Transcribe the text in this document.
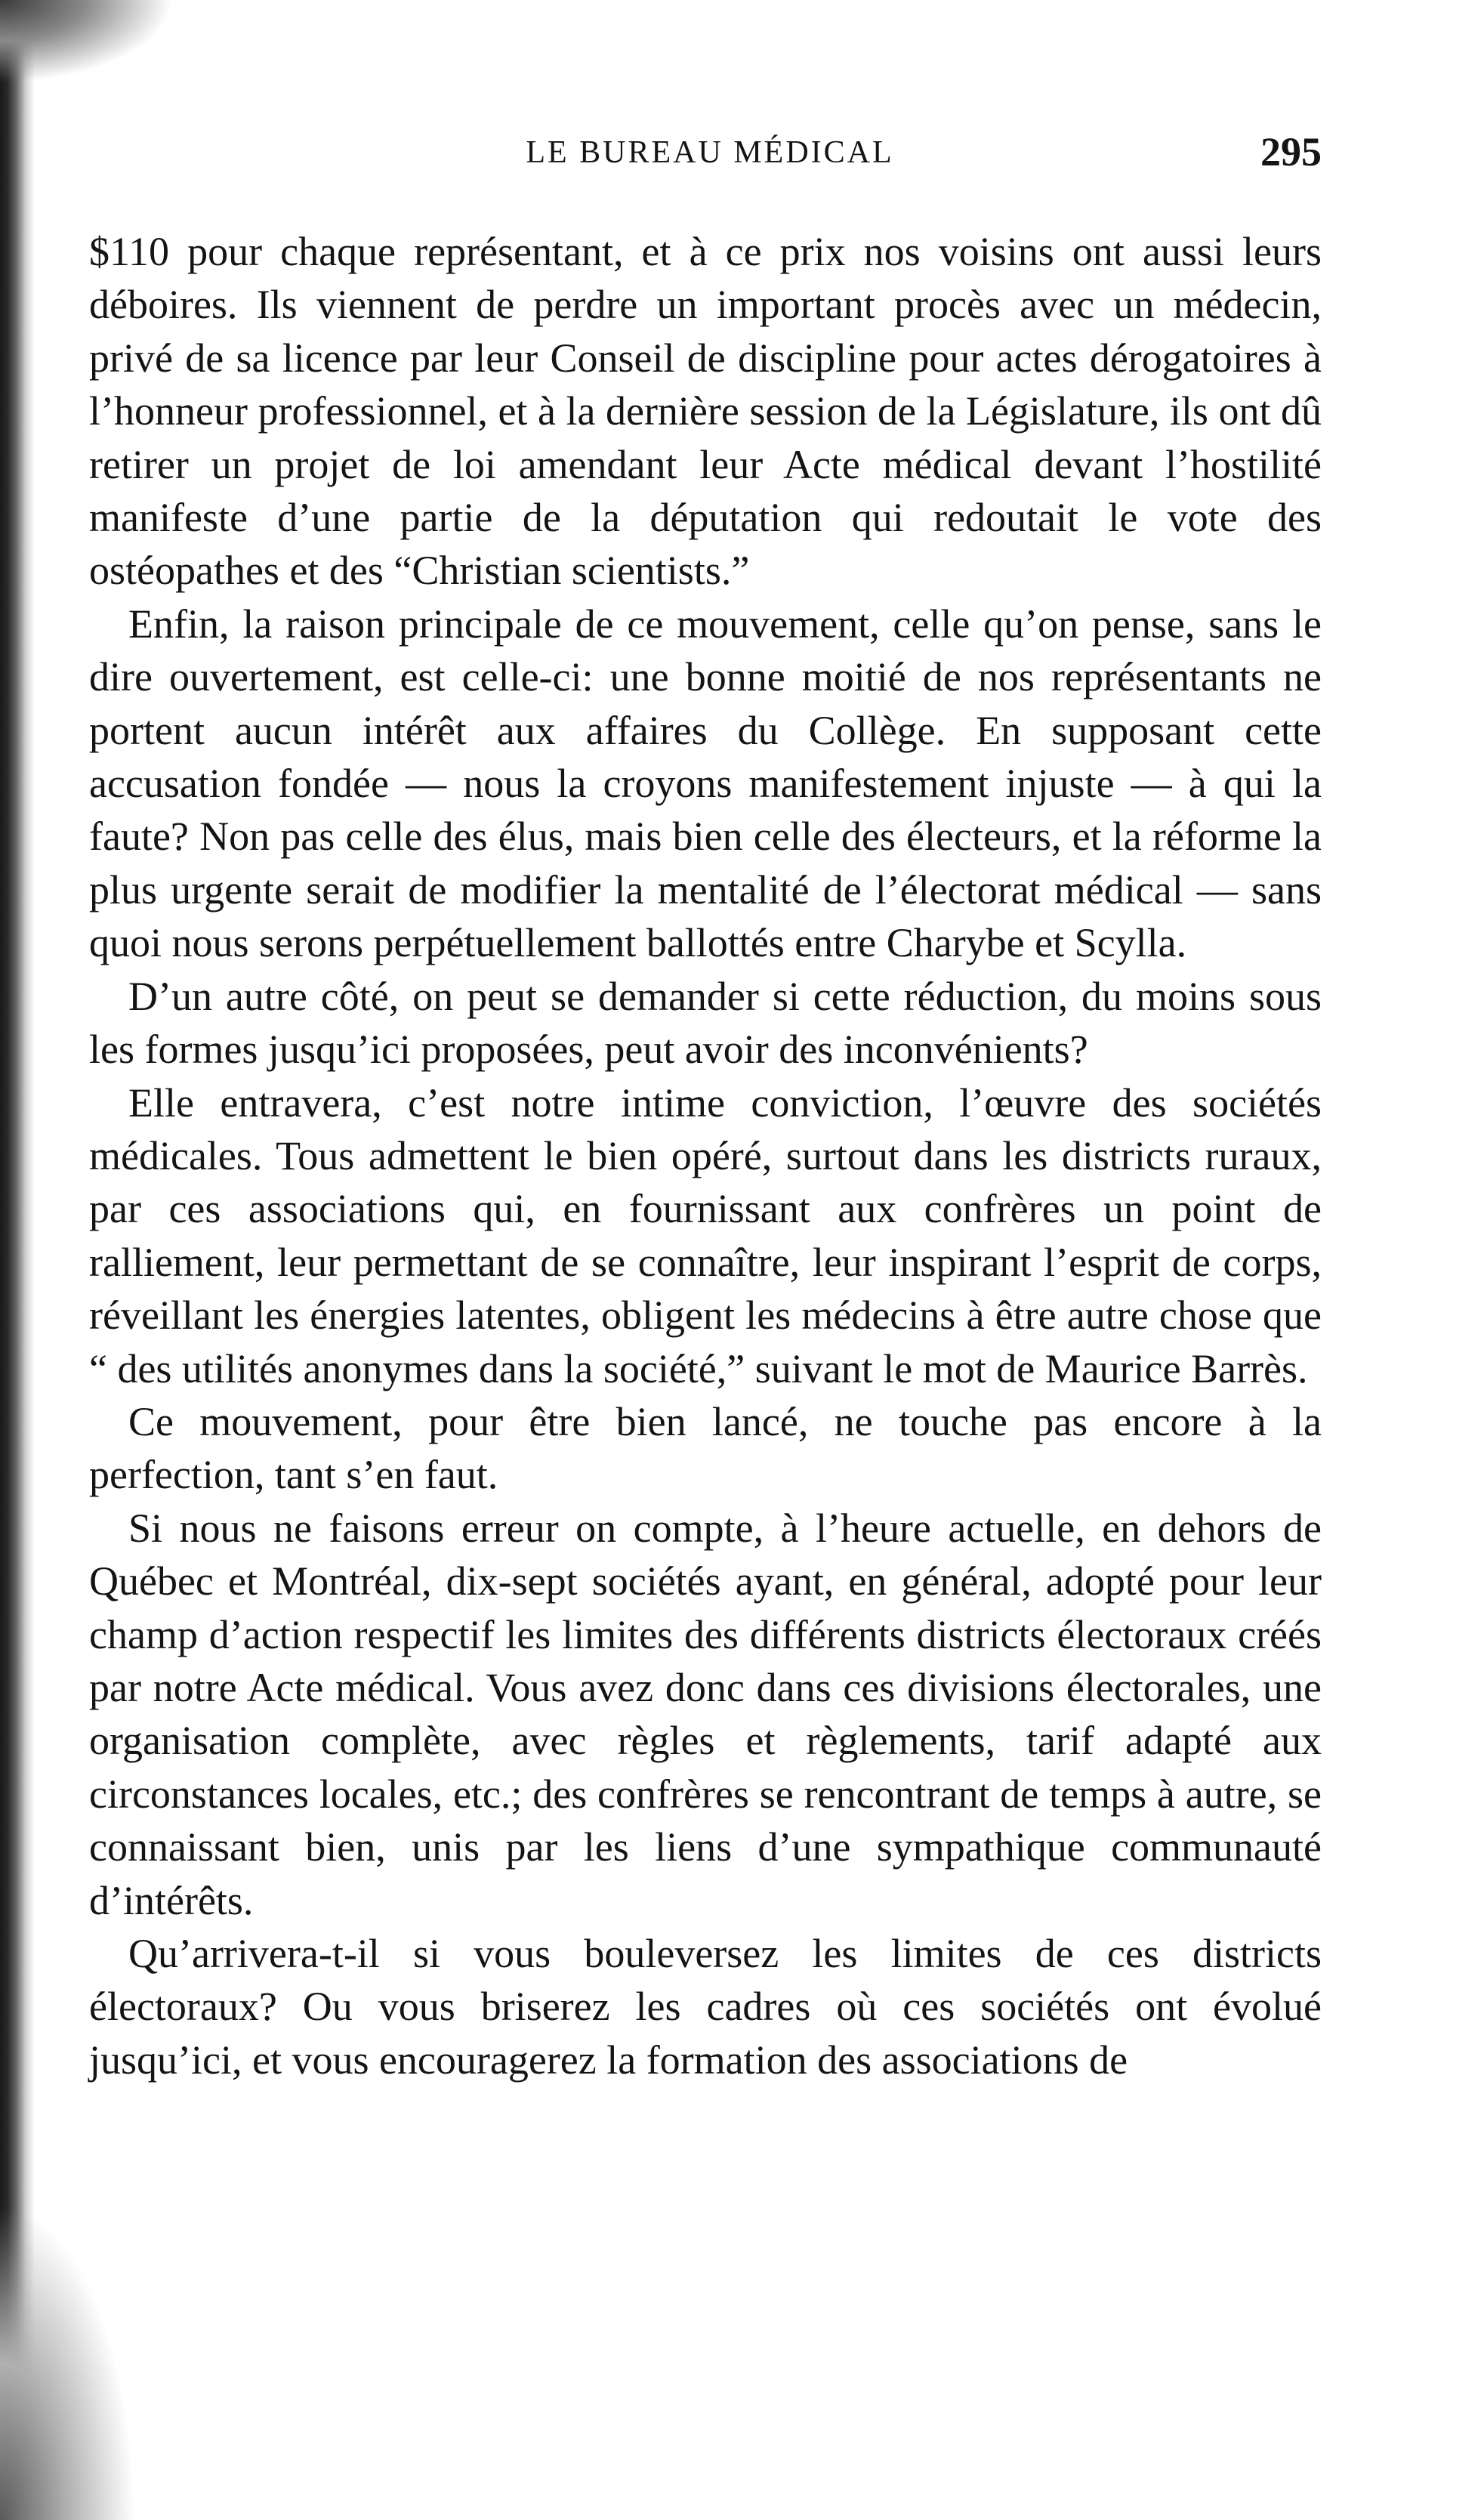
LE BUREAU MÉDICAL	295

$110 pour chaque représentant, et à ce prix nos voisins ont aussi leurs déboires. Ils viennent de perdre un important procès avec un médecin, privé de sa licence par leur Conseil de discipline pour actes dérogatoires à l’honneur professionnel, et à la dernière session de la Législature, ils ont dû retirer un projet de loi amendant leur Acte médical devant l’hostilité manifeste d’une partie de la députation qui redoutait le vote des ostéopathes et des “Christian scientists.”

Enfin, la raison principale de ce mouvement, celle qu’on pense, sans le dire ouvertement, est celle-ci: une bonne moitié de nos représentants ne portent aucun intérêt aux affaires du Collège. En supposant cette accusation fondée — nous la croyons manifestement injuste — à qui la faute? Non pas celle des élus, mais bien celle des électeurs, et la réforme la plus urgente serait de modifier la mentalité de l’électorat médical — sans quoi nous serons perpétuellement ballottés entre Charybe et Scylla.

D’un autre côté, on peut se demander si cette réduction, du moins sous les formes jusqu’ici proposées, peut avoir des inconvénients?

Elle entravera, c’est notre intime conviction, l’œuvre des sociétés médicales. Tous admettent le bien opéré, surtout dans les districts ruraux, par ces associations qui, en fournissant aux confrères un point de ralliement, leur permettant de se connaître, leur inspirant l’esprit de corps, réveillant les énergies latentes, obligent les médecins à être autre chose que “ des utilités anonymes dans la société,” suivant le mot de Maurice Barrès.

Ce mouvement, pour être bien lancé, ne touche pas encore à la perfection, tant s’en faut.

Si nous ne faisons erreur on compte, à l’heure actuelle, en dehors de Québec et Montréal, dix-sept sociétés ayant, en général, adopté pour leur champ d’action respectif les limites des différents districts électoraux créés par notre Acte médical. Vous avez donc dans ces divisions électorales, une organisation complète, avec règles et règlements, tarif adapté aux circonstances locales, etc.; des confrères se rencontrant de temps à autre, se connaissant bien, unis par les liens d’une sympathique communauté d’intérêts.

Qu’arrivera-t-il si vous bouleversez les limites de ces districts électoraux? Ou vous briserez les cadres où ces sociétés ont évolué jusqu’ici, et vous encouragerez la formation des associations de
